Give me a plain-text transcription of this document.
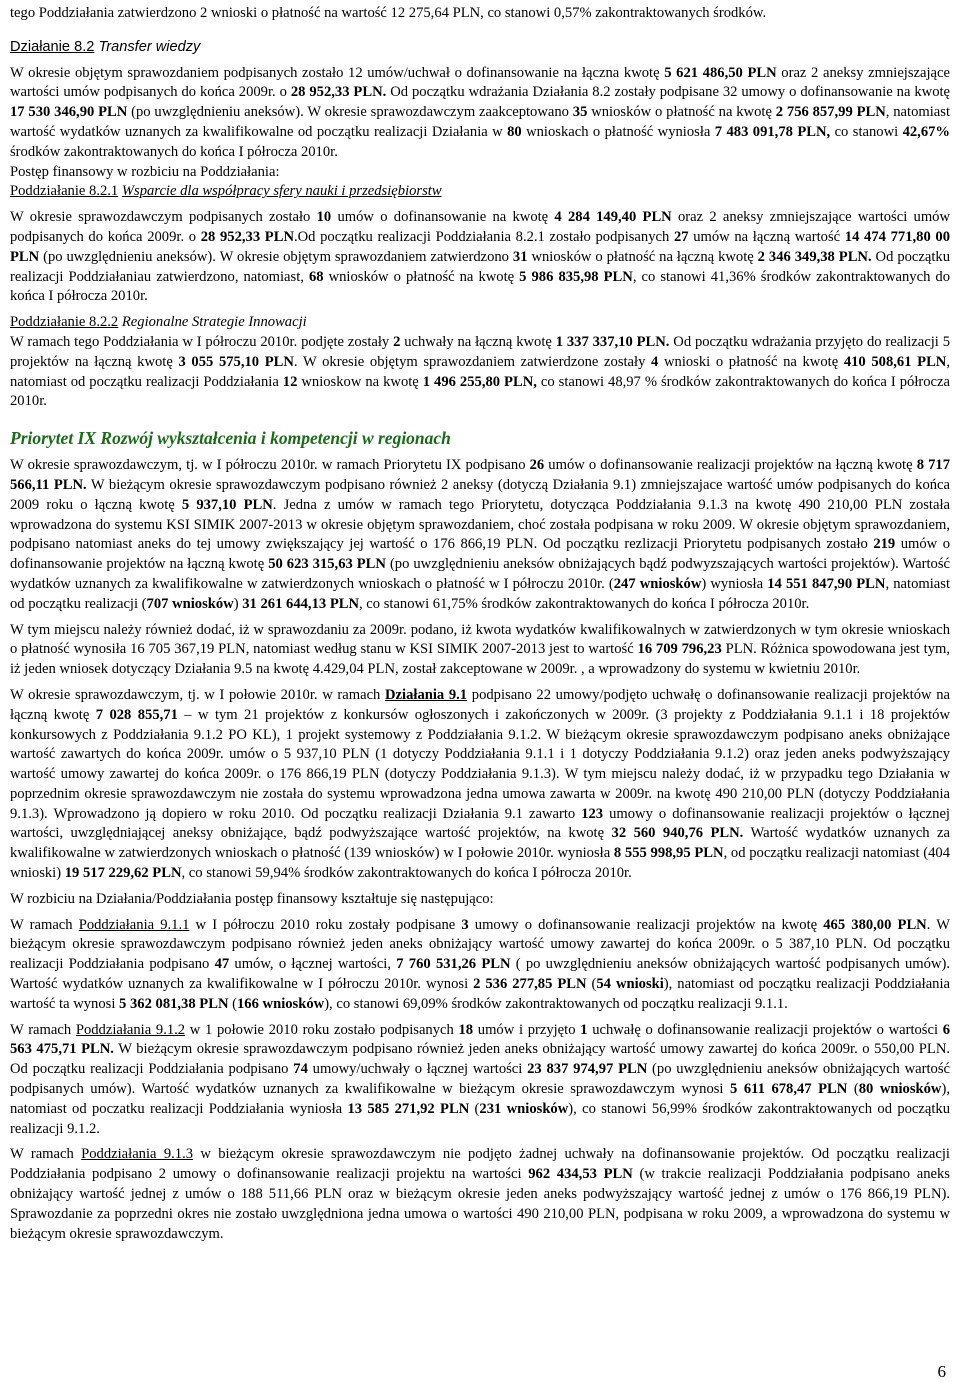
tego Poddziałania zatwierdzono 2 wnioski o płatność na wartość 12 275,64 PLN, co stanowi 0,57% zakontraktowanych środków.

Działanie 8.2 Transfer wiedzy

W okresie objętym sprawozdaniem podpisanych zostało 12 umów/uchwał o dofinansowanie na łączna kwotę 5 621 486,50 PLN oraz 2 aneksy zmniejszające wartości umów podpisanych do końca 2009r. o 28 952,33 PLN. Od początku wdrażania Działania 8.2 zostały podpisane 32 umowy o dofinansowanie na kwotę 17 530 346,90 PLN (po uwzględnieniu aneksów). W okresie sprawozdawczym zaakceptowano 35 wniosków o płatność na kwotę 2 756 857,99 PLN, natomiast wartość wydatków uznanych za kwalifikowalne od początku realizacji Działania w 80 wnioskach o płatność wyniosła 7 483 091,78 PLN, co stanowi 42,67% środków zakontraktowanych do końca I półrocza 2010r.

Postęp finansowy w rozbiciu na Poddziałania:

Poddziałanie 8.2.1 Wsparcie dla współpracy sfery nauki i przedsiębiorstw

W okresie sprawozdawczym podpisanych zostało 10 umów o dofinansowanie na kwotę 4 284 149,40 PLN oraz 2 aneksy zmniejszające wartości umów podpisanych do końca 2009r. o 28 952,33 PLN.Od początku realizacji Poddziałania 8.2.1 zostało podpisanych 27 umów na łączną wartość 14 474 771,80 00 PLN (po uwzględnieniu aneksów). W okresie objętym sprawozdaniem zatwierdzono 31 wniosków o płatność na łączną kwotę 2 346 349,38 PLN. Od początku realizacji Poddziałaniau zatwierdzono, natomiast, 68 wniosków o płatność na kwotę 5 986 835,98 PLN, co stanowi 41,36% środków zakontraktowanych do końca I półrocza 2010r.

Poddziałanie 8.2.2 Regionalne Strategie Innowacji

W ramach tego Poddziałania w I półroczu 2010r. podjęte zostały 2 uchwały na łączną kwotę 1 337 337,10 PLN. Od początku wdrażania przyjęto do realizacji 5 projektów na łączną kwotę 3 055 575,10 PLN. W okresie objętym sprawozdaniem zatwierdzone zostały 4 wnioski o płatność na kwotę 410 508,61 PLN, natomiast od początku realizacji Poddziałania 12 wnioskow na kwotę 1 496 255,80 PLN, co stanowi 48,97 % środków zakontraktowanych do końca I półrocza 2010r.

Priorytet IX Rozwój wykształcenia i kompetencji w regionach

W okresie sprawozdawczym, tj. w I półroczu 2010r. w ramach Priorytetu IX podpisano 26 umów o dofinansowanie realizacji projektów na łączną kwotę 8 717 566,11 PLN. W bieżącym okresie sprawozdawczym podpisano również 2 aneksy (dotyczą Działania 9.1) zmniejszajace wartość umów podpisanych do końca 2009 roku o łączną kwotę 5 937,10 PLN. Jedna z umów w ramach tego Priorytetu, dotycząca Poddziałania 9.1.3 na kwotę 490 210,00 PLN została wprowadzona do systemu KSI SIMIK 2007-2013 w okresie objętym sprawozdaniem, choć została podpisana w roku 2009. W okresie objętym sprawozdaniem, podpisano natomiast aneks do tej umowy zwiększający jej wartość o 176 866,19 PLN. Od początku rezlizacji Priorytetu podpisanych zostało 219 umów o dofinansowanie projektów na łączną kwotę 50 623 315,63 PLN (po uwzględnieniu aneksów obniżających bądź podwyzszających wartości projektów). Wartość wydatków uznanych za kwalifikowalne w zatwierdzonych wnioskach o płatność w I półroczu 2010r. (247 wniosków) wyniosła 14 551 847,90 PLN, natomiast od początku realizacji (707 wniosków) 31 261 644,13 PLN, co stanowi 61,75% środków zakontraktowanych do końca I półrocza 2010r.

W tym miejscu należy również dodać, iż w sprawozdaniu za 2009r. podano, iż kwota wydatków kwalifikowalnych w zatwierdzonych w tym okresie wnioskach o płatność wynosiła 16 705 367,19 PLN, natomiast według stanu w KSI SIMIK 2007-2013 jest to wartość 16 709 796,23 PLN. Różnica spowodowana jest tym, iż jeden wniosek dotyczący Działania 9.5 na kwotę 4.429,04 PLN, został zakceptowane w 2009r. , a wprowadzony do systemu w kwietniu 2010r.

W okresie sprawozdawczym, tj. w I połowie 2010r. w ramach Działania 9.1 podpisano 22 umowy/podjęto uchwałę o dofinansowanie realizacji projektów na łączną kwotę 7 028 855,71 – w tym 21 projektów z konkursów ogłoszonych i zakończonych w 2009r. (3 projekty z Poddziałania 9.1.1 i 18 projektów konkursowych z Poddziałania 9.1.2 PO KL), 1 projekt systemowy z Poddziałania 9.1.2. W bieżącym okresie sprawozdawczym podpisano aneks obniżające wartość zawartych do końca 2009r. umów o 5 937,10 PLN (1 dotyczy Poddziałania 9.1.1 i 1 dotyczy Poddziałania 9.1.2) oraz jeden aneks podwyższający wartość umowy zawartej do końca 2009r. o 176 866,19 PLN (dotyczy Poddziałania 9.1.3). W tym miejscu należy dodać, iż w przypadku tego Działania w poprzednim okresie sprawozdawczym nie została do systemu wprowadzona jedna umowa zawarta w 2009r. na kwotę 490 210,00 PLN (dotyczy Poddziałania 9.1.3). Wprowadzono ją dopiero w roku 2010. Od początku realizacji Działania 9.1 zawarto 123 umowy o dofinansowanie realizacji projektów o łącznej wartości, uwzględniającej aneksy obniżające, bądź podwyższające wartość projektów, na kwotę 32 560 940,76 PLN. Wartość wydatków uznanych za kwalifikowalne w zatwierdzonych wnioskach o płatność (139 wniosków) w I połowie 2010r. wyniosła 8 555 998,95 PLN, od początku realizacji natomiast (404 wnioski) 19 517 229,62 PLN, co stanowi 59,94% środków zakontraktowanych do końca I półrocza 2010r.

W rozbiciu na Działania/Poddziałania postęp finansowy kształtuje się następująco:

W ramach Poddziałania 9.1.1 w I półroczu 2010 roku zostały podpisane 3 umowy o dofinansowanie realizacji projektów na kwotę 465 380,00 PLN. W bieżącym okresie sprawozdawczym podpisano również jeden aneks obniżający wartość umowy zawartej do końca 2009r. o 5 387,10 PLN. Od początku realizacji Poddziałania podpisano 47 umów, o łącznej wartości, 7 760 531,26 PLN ( po uwzględnieniu aneksów obniżających wartość podpisanych umów). Wartość wydatków uznanych za kwalifikowalne w I półroczu 2010r. wynosi 2 536 277,85 PLN (54 wnioski), natomiast od początku realizacji Poddziałania wartość ta wynosi 5 362 081,38 PLN (166 wniosków), co stanowi 69,09% środków zakontraktowanych od początku realizacji 9.1.1.

W ramach Poddziałania 9.1.2 w 1 połowie 2010 roku zostało podpisanych 18 umów i przyjęto 1 uchwałę o dofinansowanie realizacji projektów o wartości 6 563 475,71 PLN. W bieżącym okresie sprawozdawczym podpisano również jeden aneks obniżający wartość umowy zawartej do końca 2009r. o 550,00 PLN. Od początku realizacji Poddziałania podpisano 74 umowy/uchwały o łącznej wartości 23 837 974,97 PLN (po uwzględnieniu aneksów obniżających wartość podpisanych umów). Wartość wydatków uznanych za kwalifikowalne w bieżącym okresie sprawozdawczym wynosi 5 611 678,47 PLN (80 wniosków), natomiast od poczatku realizacji Poddziałania wyniosła 13 585 271,92 PLN (231 wniosków), co stanowi 56,99% środków zakontraktowanych od początku realizacji 9.1.2.

W ramach Poddziałania 9.1.3 w bieżącym okresie sprawozdawczym nie podjęto żadnej uchwały na dofinansowanie projektów. Od początku realizacji Poddziałania podpisano 2 umowy o dofinansowanie realizacji projektu na wartości 962 434,53 PLN (w trakcie realizacji Poddziałania podpisano aneks obniżający wartość jednej z umów o 188 511,66 PLN oraz w bieżącym okresie jeden aneks podwyższający wartość jednej z umów o 176 866,19 PLN). Sprawozdanie za poprzedni okres nie zostało uwzględniona jedna umowa o wartości 490 210,00 PLN, podpisana w roku 2009, a wprowadzona do systemu w bieżącym okresie sprawozdawczym.

6
